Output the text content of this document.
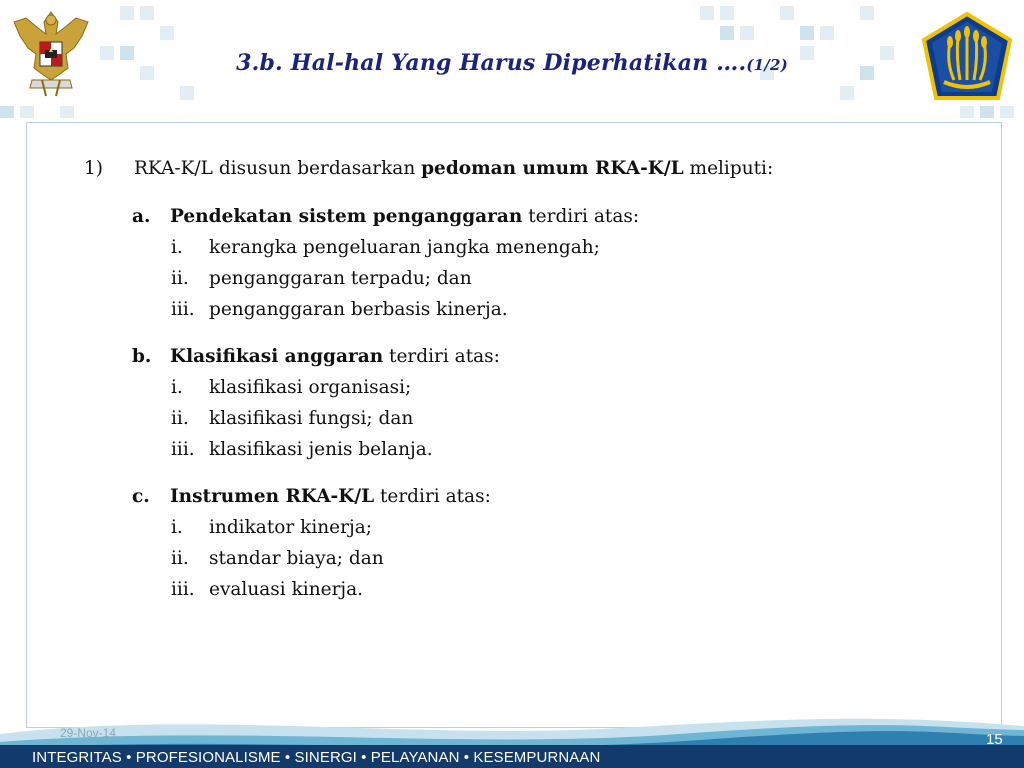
3.b. Hal-hal Yang Harus Diperhatikan ….(1/2)
1) RKA-K/L disusun berdasarkan pedoman umum RKA-K/L meliputi:
a. Pendekatan sistem penganggaran terdiri atas:
i. kerangka pengeluaran jangka menengah;
ii. penganggaran terpadu; dan
iii. penganggaran berbasis kinerja.
b. Klasifikasi anggaran terdiri atas:
i. klasifikasi organisasi;
ii. klasifikasi fungsi; dan
iii. klasifikasi jenis belanja.
c. Instrumen RKA-K/L terdiri atas:
i. indikator kinerja;
ii. standar biaya; dan
iii. evaluasi kinerja.
29-Nov-14	15
INTEGRITAS • PROFESIONALISME • SINERGI • PELAYANAN • KESEMPURNAAN
